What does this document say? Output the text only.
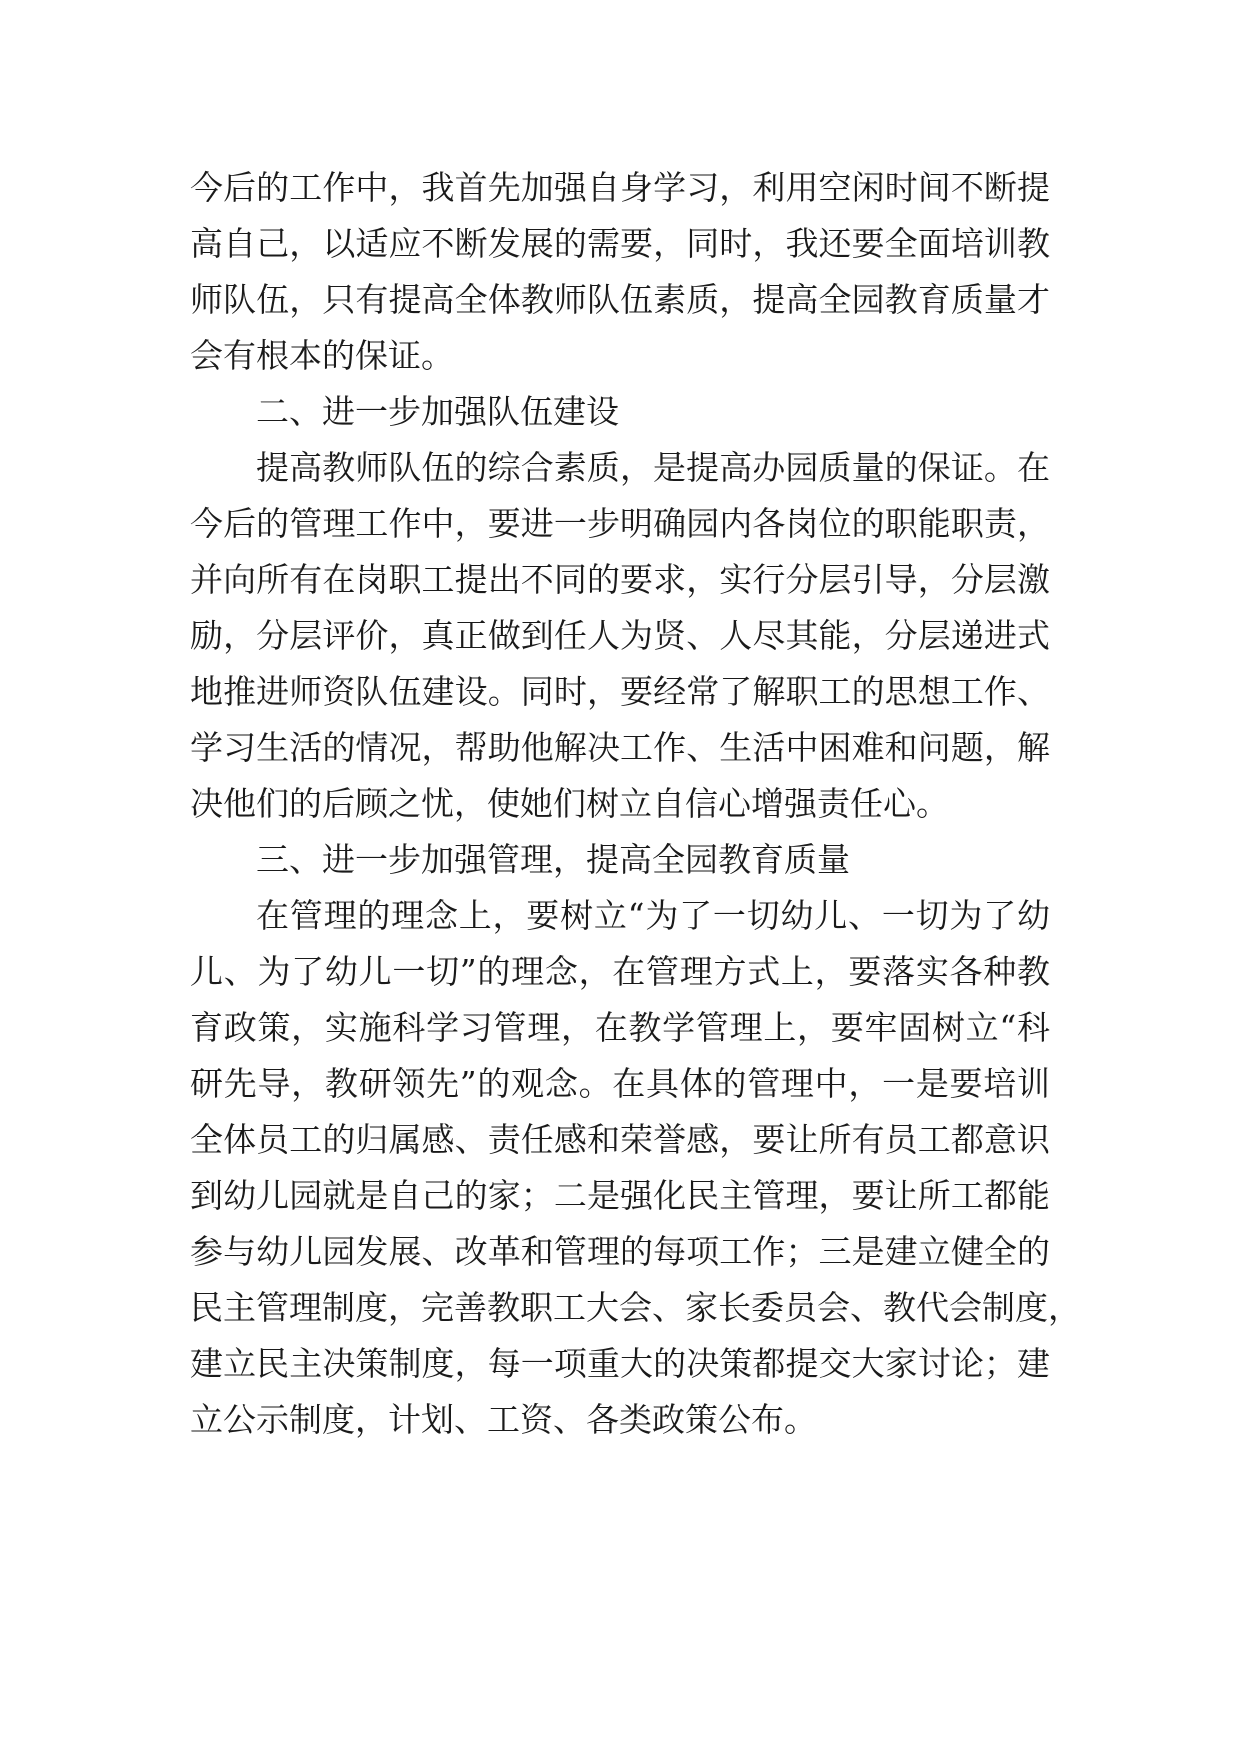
今后的工作中，我首先加强自身学习，利用空闲时间不断提
高自己，以适应不断发展的需要，同时，我还要全面培训教
师队伍，只有提高全体教师队伍素质，提高全园教育质量才
会有根本的保证。
二、进一步加强队伍建设
提高教师队伍的综合素质，是提高办园质量的保证。在
今后的管理工作中，要进一步明确园内各岗位的职能职责，
并向所有在岗职工提出不同的要求，实行分层引导，分层激
励，分层评价，真正做到任人为贤、人尽其能，分层递进式
地推进师资队伍建设。同时，要经常了解职工的思想工作、
学习生活的情况，帮助他解决工作、生活中困难和问题，解
决他们的后顾之忧，使她们树立自信心增强责任心。
三、进一步加强管理，提高全园教育质量
在管理的理念上，要树立“为了一切幼儿、一切为了幼
儿、为了幼儿一切”的理念，在管理方式上，要落实各种教
育政策，实施科学习管理，在教学管理上，要牢固树立“科
研先导，教研领先”的观念。在具体的管理中，一是要培训
全体员工的归属感、责任感和荣誉感，要让所有员工都意识
到幼儿园就是自己的家；二是强化民主管理，要让所工都能
参与幼儿园发展、改革和管理的每项工作；三是建立健全的
民主管理制度，完善教职工大会、家长委员会、教代会制度，
建立民主决策制度，每一项重大的决策都提交大家讨论；建
立公示制度，计划、工资、各类政策公布。
